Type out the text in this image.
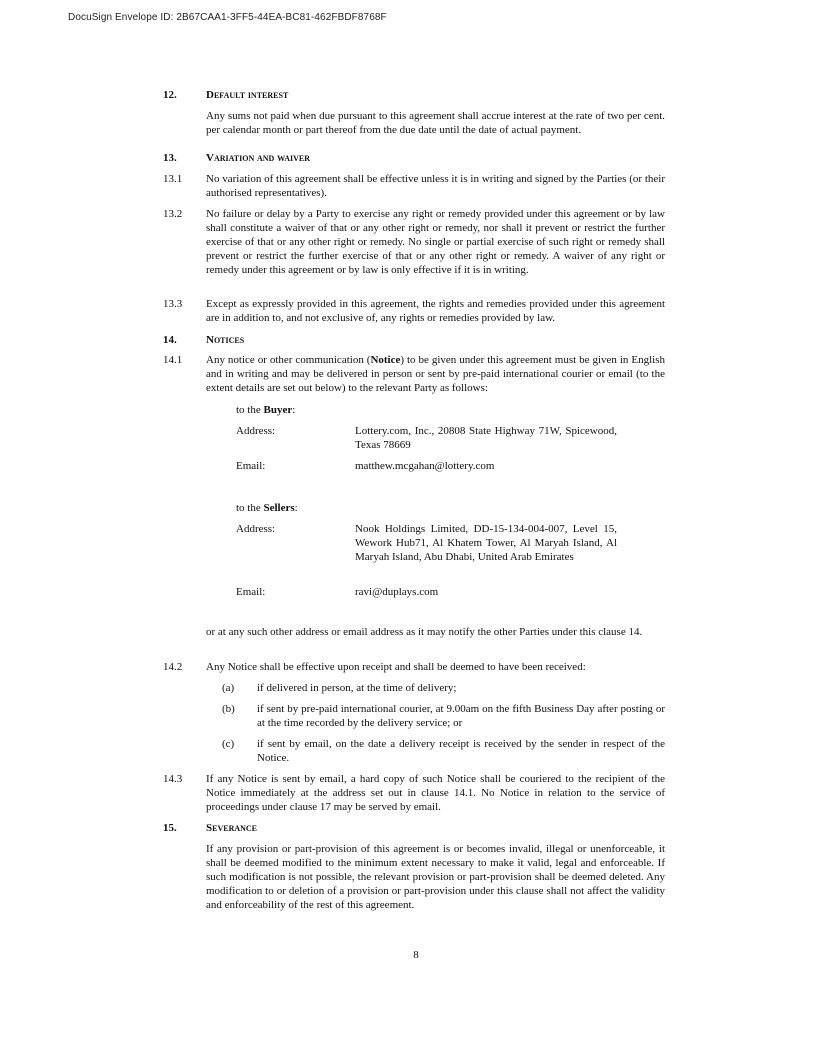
DocuSign Envelope ID: 2B67CAA1-3FF5-44EA-BC81-462FBDF8768F
12.	Default interest
Any sums not paid when due pursuant to this agreement shall accrue interest at the rate of two per cent. per calendar month or part thereof from the due date until the date of actual payment.
13.	Variation and waiver
13.1	No variation of this agreement shall be effective unless it is in writing and signed by the Parties (or their authorised representatives).
13.2	No failure or delay by a Party to exercise any right or remedy provided under this agreement or by law shall constitute a waiver of that or any other right or remedy, nor shall it prevent or restrict the further exercise of that or any other right or remedy. No single or partial exercise of such right or remedy shall prevent or restrict the further exercise of that or any other right or remedy. A waiver of any right or remedy under this agreement or by law is only effective if it is in writing.
13.3	Except as expressly provided in this agreement, the rights and remedies provided under this agreement are in addition to, and not exclusive of, any rights or remedies provided by law.
14.	Notices
14.1	Any notice or other communication (Notice) to be given under this agreement must be given in English and in writing and may be delivered in person or sent by pre-paid international courier or email (to the extent details are set out below) to the relevant Party as follows:
to the Buyer:
Address:	Lottery.com, Inc., 20808 State Highway 71W, Spicewood, Texas 78669
Email:	matthew.mcgahan@lottery.com
to the Sellers:
Address:	Nook Holdings Limited, DD-15-134-004-007, Level 15, Wework Hub71, Al Khatem Tower, Al Maryah Island, Al Maryah Island, Abu Dhabi, United Arab Emirates
Email:	ravi@duplays.com
or at any such other address or email address as it may notify the other Parties under this clause 14.
14.2	Any Notice shall be effective upon receipt and shall be deemed to have been received:
(a) if delivered in person, at the time of delivery;
(b) if sent by pre-paid international courier, at 9.00am on the fifth Business Day after posting or at the time recorded by the delivery service; or
(c) if sent by email, on the date a delivery receipt is received by the sender in respect of the Notice.
14.3	If any Notice is sent by email, a hard copy of such Notice shall be couriered to the recipient of the Notice immediately at the address set out in clause 14.1. No Notice in relation to the service of proceedings under clause 17 may be served by email.
15.	Severance
If any provision or part-provision of this agreement is or becomes invalid, illegal or unenforceable, it shall be deemed modified to the minimum extent necessary to make it valid, legal and enforceable. If such modification is not possible, the relevant provision or part-provision shall be deemed deleted. Any modification to or deletion of a provision or part-provision under this clause shall not affect the validity and enforceability of the rest of this agreement.
8
